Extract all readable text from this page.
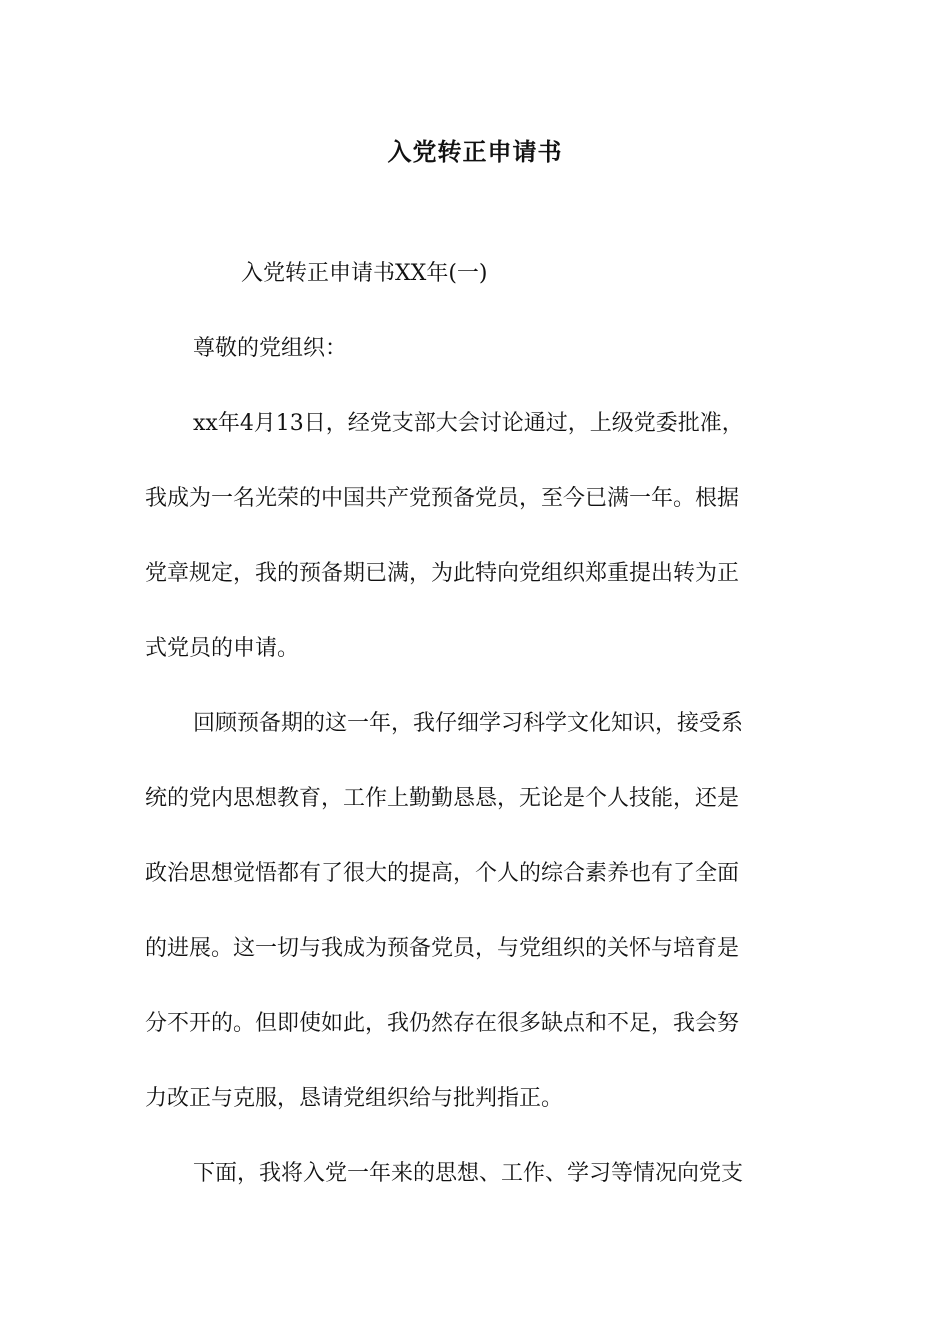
入党转正申请书
入党转正申请书XX年(一)
尊敬的党组织：
xx年4月13日，经党支部大会讨论通过，上级党委批准，
我成为一名光荣的中国共产党预备党员，至今已满一年。根据
党章规定，我的预备期已满，为此特向党组织郑重提出转为正
式党员的申请。
回顾预备期的这一年，我仔细学习科学文化知识，接受系
统的党内思想教育，工作上勤勤恳恳，无论是个人技能，还是
政治思想觉悟都有了很大的提高，个人的综合素养也有了全面
的进展。这一切与我成为预备党员，与党组织的关怀与培育是
分不开的。但即使如此，我仍然存在很多缺点和不足，我会努
力改正与克服，恳请党组织给与批判指正。
下面，我将入党一年来的思想、工作、学习等情况向党支
